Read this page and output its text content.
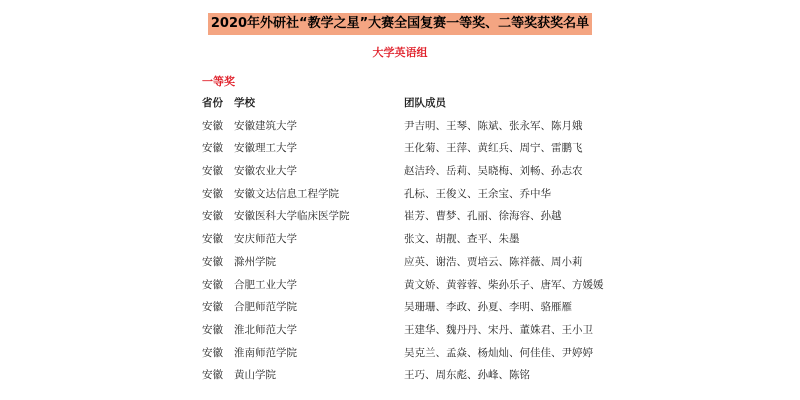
2020年外研社“教学之星”大赛全国复赛一等奖、二等奖获奖名单
大学英语组
一等奖
省份 学校	团队成员
安徽 安徽建筑大学	尹吉明、王琴、陈斌、张永军、陈月娥
安徽 安徽理工大学	王化菊、王萍、黄红兵、周宁、雷鹏飞
安徽 安徽农业大学	赵洁玲、岳莉、吴晓梅、刘畅、孙志农
安徽 安徽文达信息工程学院	孔标、王俊义、王余宝、乔中华
安徽 安徽医科大学临床医学院	崔芳、曹梦、孔丽、徐海容、孙越
安徽 安庆师范大学	张文、胡靓、查平、朱墨
安徽 滁州学院	应英、谢浩、贾培云、陈祥薇、周小莉
安徽 合肥工业大学	黄文娇、黄蓉蓉、柴孙乐子、唐军、方媛媛
安徽 合肥师范学院	吴珊珊、李政、孙夏、李明、骆雁雁
安徽 淮北师范大学	王建华、魏丹丹、宋丹、董姝君、王小卫
安徽 淮南师范学院	吴克兰、孟焱、杨灿灿、何佳佳、尹婷婷
安徽 黄山学院	王巧、周东彪、孙峰、陈铭
